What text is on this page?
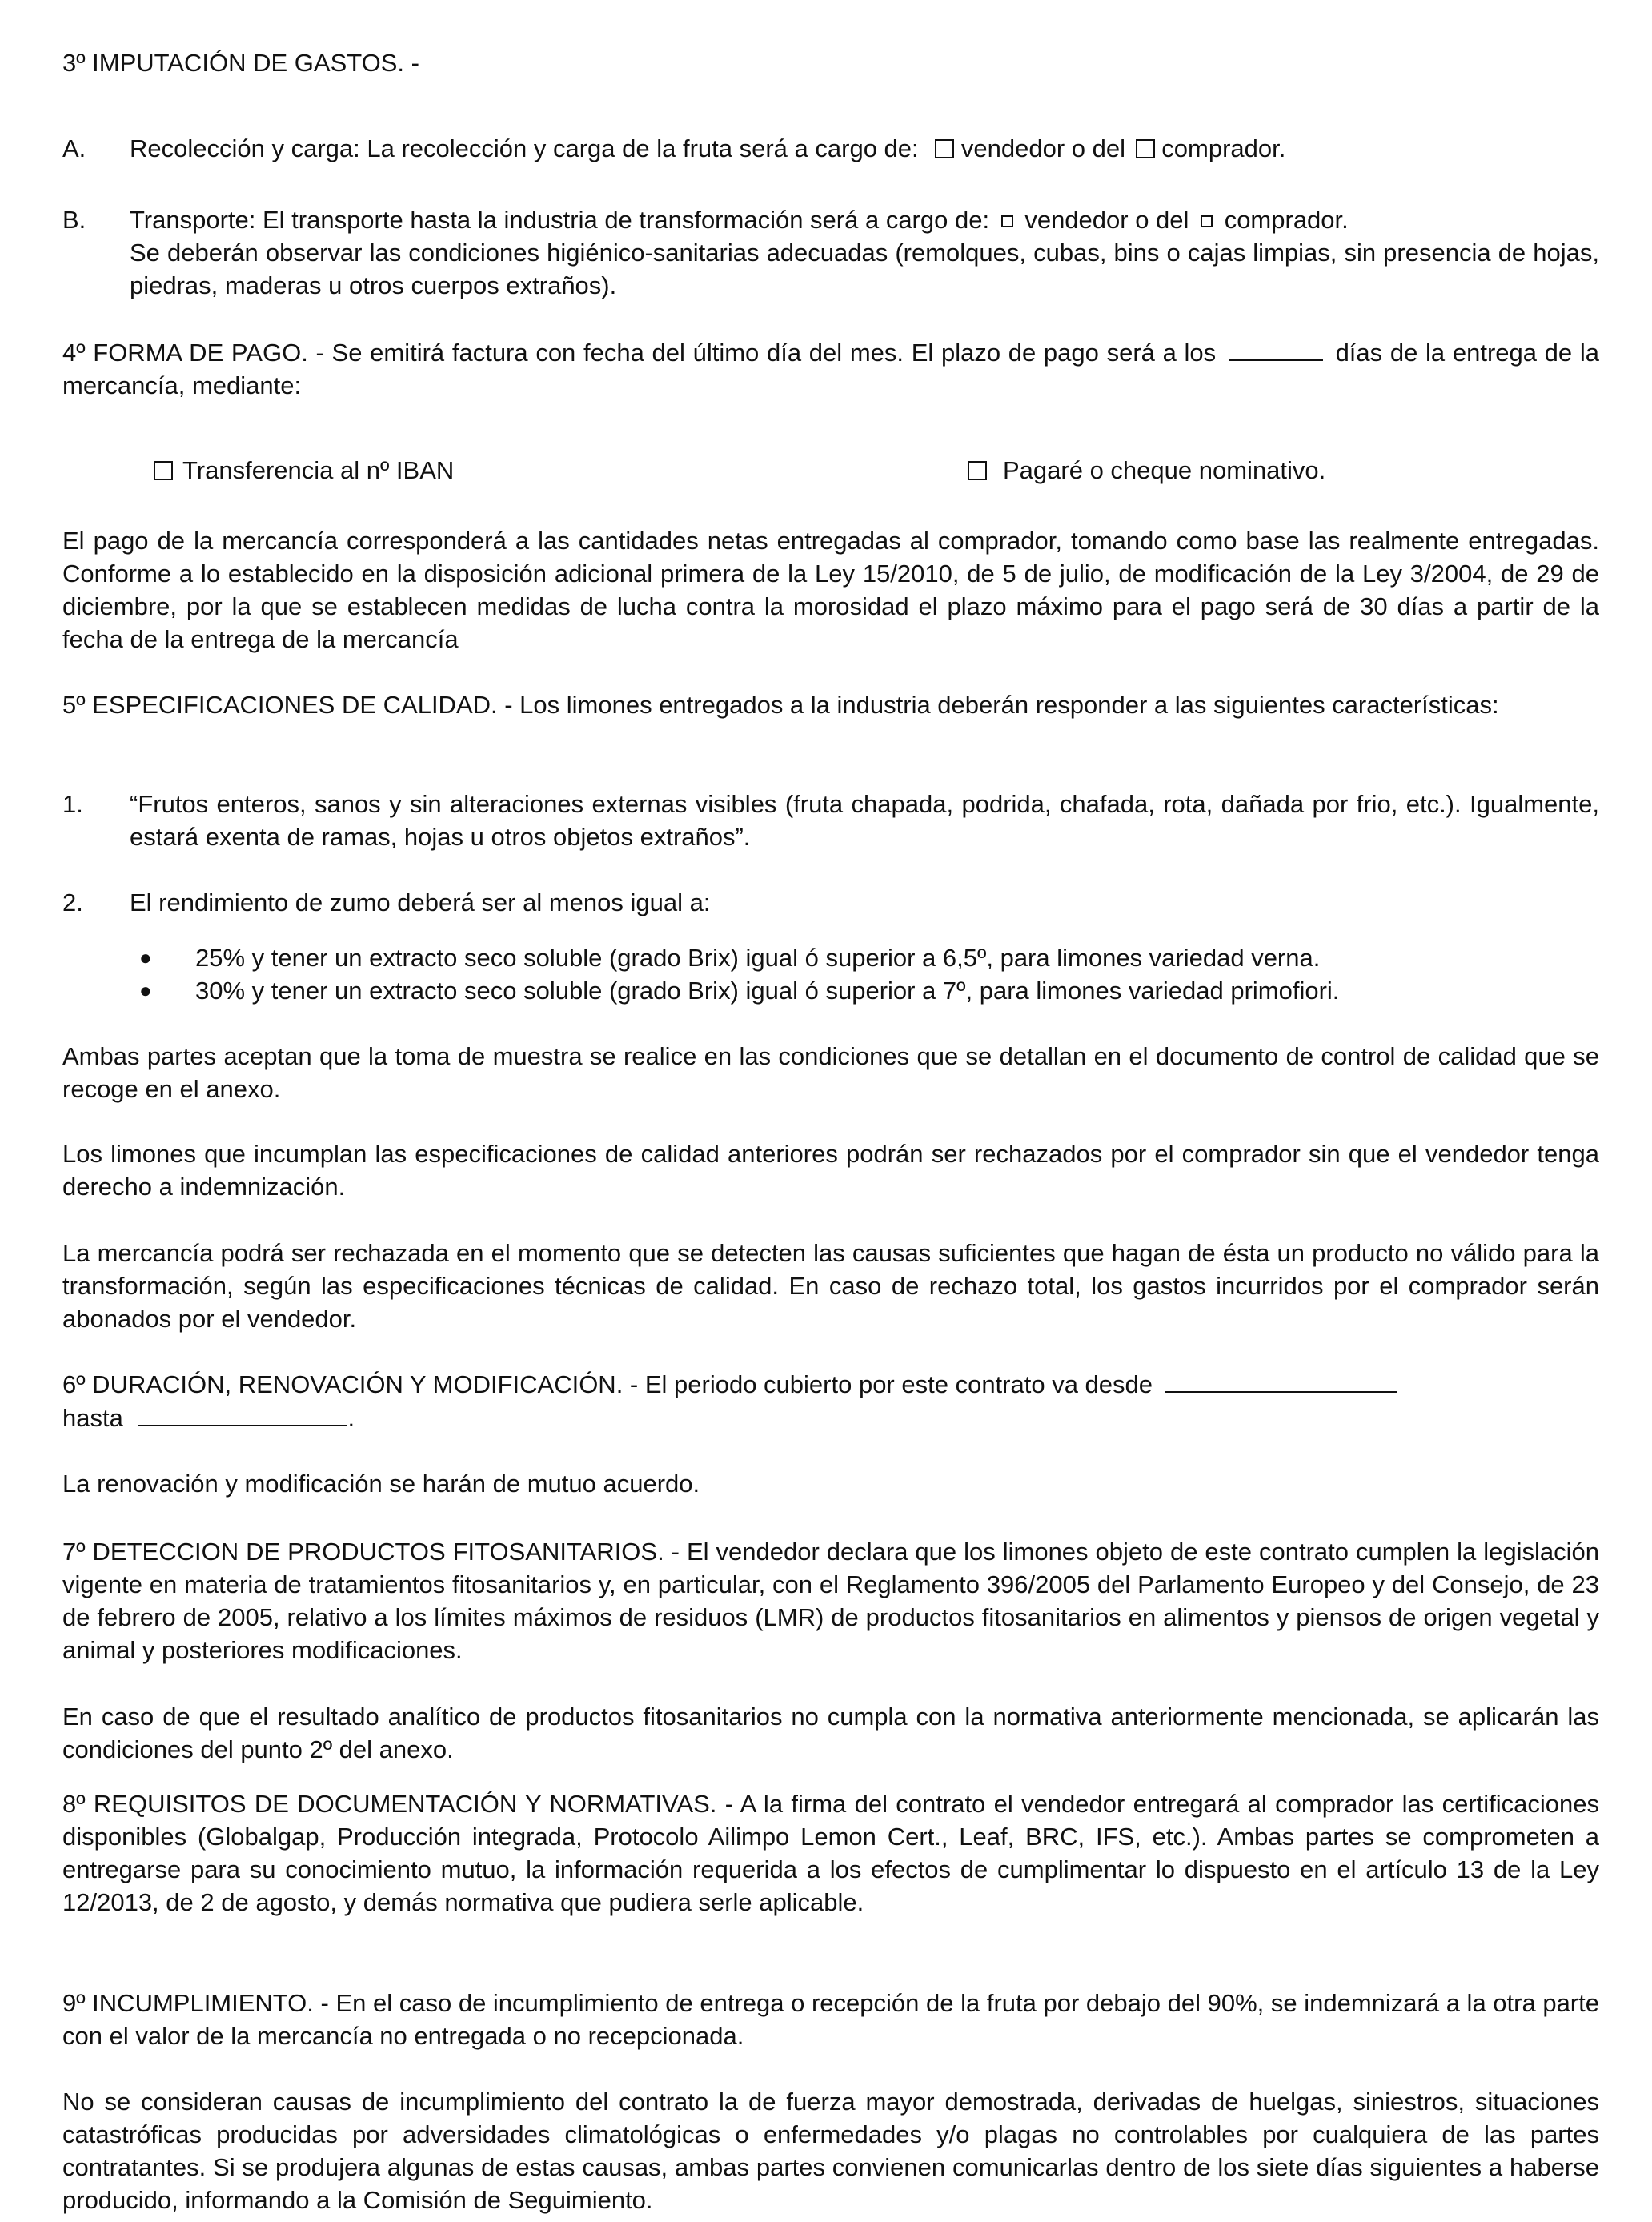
3º IMPUTACIÓN DE GASTOS. -

A.	Recolección y carga: La recolección y carga de la fruta será a cargo de: vendedor o del comprador.
B.	Transporte: El transporte hasta la industria de transformación será a cargo de: vendedor o del comprador.
Se deberán observar las condiciones higiénico-sanitarias adecuadas (remolques, cubas, bins o cajas limpias, sin presencia de hojas, piedras, maderas u otros cuerpos extraños).

4º FORMA DE PAGO. - Se emitirá factura con fecha del último día del mes. El plazo de pago será a los	días de la entrega de la mercancía, mediante:

Transferencia al nº IBAN	Pagaré o cheque nominativo.

El pago de la mercancía corresponderá a las cantidades netas entregadas al comprador, tomando como base las realmente entregadas. Conforme a lo establecido en la disposición adicional primera de la Ley 15/2010, de 5 de julio, de modificación de la Ley 3/2004, de 29 de diciembre, por la que se establecen medidas de lucha contra la morosidad el plazo máximo para el pago será de 30 días a partir de la fecha de la entrega de la mercancía

5º ESPECIFICACIONES DE CALIDAD. - Los limones entregados a la industria deberán responder a las siguientes características:

1.	“Frutos enteros, sanos y sin alteraciones externas visibles (fruta chapada, podrida, chafada, rota, dañada por frio, etc.). Igualmente, estará exenta de ramas, hojas u otros objetos extraños”.
2.	El rendimiento de zumo deberá ser al menos igual a:
●	25% y tener un extracto seco soluble (grado Brix) igual ó superior a 6,5º, para limones variedad verna.
●	30% y tener un extracto seco soluble (grado Brix) igual ó superior a 7º, para limones variedad primofiori.

Ambas partes aceptan que la toma de muestra se realice en las condiciones que se detallan en el documento de control de calidad que se recoge en el anexo.

Los limones que incumplan las especificaciones de calidad anteriores podrán ser rechazados por el comprador sin que el vendedor tenga derecho a indemnización.

La mercancía podrá ser rechazada en el momento que se detecten las causas suficientes que hagan de ésta un producto no válido para la transformación, según las especificaciones técnicas de calidad. En caso de rechazo total, los gastos incurridos por el comprador serán abonados por el vendedor.

6º DURACIÓN, RENOVACIÓN Y MODIFICACIÓN. - El periodo cubierto por este contrato va desde
hasta	.

La renovación y modificación se harán de mutuo acuerdo.

7º DETECCION DE PRODUCTOS FITOSANITARIOS. - El vendedor declara que los limones objeto de este contrato cumplen la legislación vigente en materia de tratamientos fitosanitarios y, en particular, con el Reglamento 396/2005 del Parlamento Europeo y del Consejo, de 23 de febrero de 2005, relativo a los límites máximos de residuos (LMR) de productos fitosanitarios en alimentos y piensos de origen vegetal y animal y posteriores modificaciones.

En caso de que el resultado analítico de productos fitosanitarios no cumpla con la normativa anteriormente mencionada, se aplicarán las condiciones del punto 2º del anexo.

8º REQUISITOS DE DOCUMENTACIÓN Y NORMATIVAS. - A la firma del contrato el vendedor entregará al comprador las certificaciones disponibles (Globalgap, Producción integrada, Protocolo Ailimpo Lemon Cert., Leaf, BRC, IFS, etc.). Ambas partes se comprometen a entregarse para su conocimiento mutuo, la información requerida a los efectos de cumplimentar lo dispuesto en el artículo 13 de la Ley 12/2013, de 2 de agosto, y demás normativa que pudiera serle aplicable.

9º INCUMPLIMIENTO. - En el caso de incumplimiento de entrega o recepción de la fruta por debajo del 90%, se indemnizará a la otra parte con el valor de la mercancía no entregada o no recepcionada.

No se consideran causas de incumplimiento del contrato la de fuerza mayor demostrada, derivadas de huelgas, siniestros, situaciones catastróficas producidas por adversidades climatológicas o enfermedades y/o plagas no controlables por cualquiera de las partes contratantes. Si se produjera algunas de estas causas, ambas partes convienen comunicarlas dentro de los siete días siguientes a haberse producido, informando a la Comisión de Seguimiento.
